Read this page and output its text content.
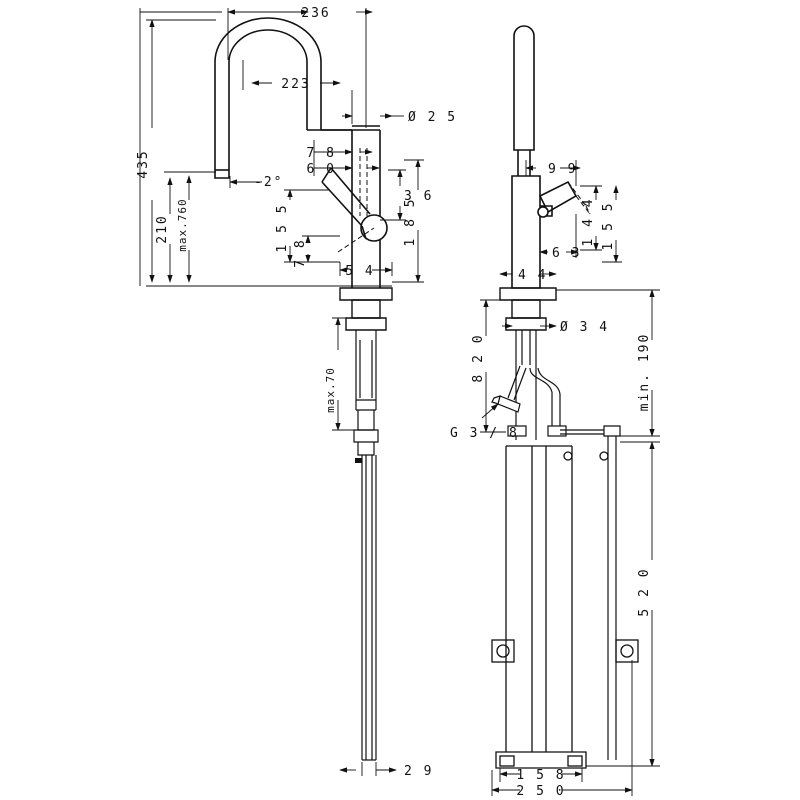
236
223
435
210 max.760
Ø 2 5
7 8
6 0
3 6
1 8 5
1 5 5
7 8
5 4
-2°
max.70
2 9
9 9
6 3
1 4 4 1 5 5
4 4
Ø 3 4
8 2 0
G 3 / 8
min. 190
5 2 0
1 5 8
2 5 0
